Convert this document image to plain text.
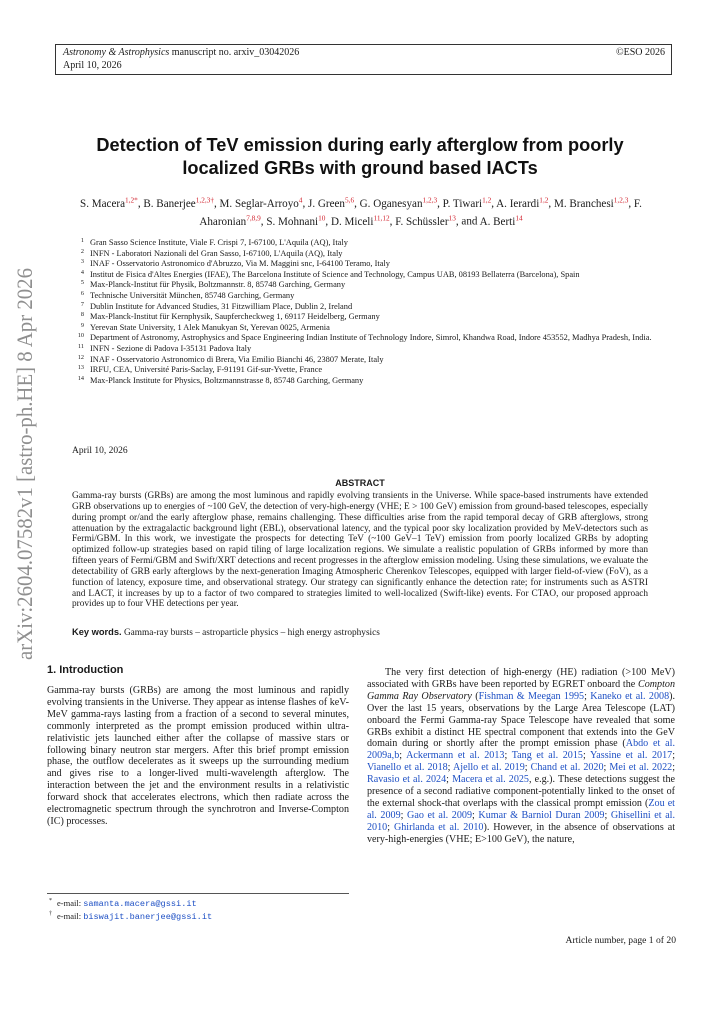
arXiv:2604.07582v1 [astro-ph.HE] 8 Apr 2026
Astronomy & Astrophysics manuscript no. arxiv_03042026
April 10, 2026
©ESO 2026
Detection of TeV emission during early afterglow from poorly localized GRBs with ground based IACTs
S. Macera$^{1,2*}$, B. Banerjee$^{1,2,3\dagger}$, M. Seglar-Arroyo$^4$, J. Green$^{5,6}$, G. Oganesyan$^{1,2,3}$, P. Tiwari$^{1,2}$, A. Ierardi$^{1,2}$, M. Branchesi$^{1,2,3}$, F. Aharonian$^{7,8,9}$, S. Mohnani$^{10}$, D. Miceli$^{11,12}$, F. Schüssler$^{13}$, and A. Berti$^{14}$
1 Gran Sasso Science Institute, Viale F. Crispi 7, I-67100, L'Aquila (AQ), Italy
2 INFN - Laboratori Nazionali del Gran Sasso, I-67100, L'Aquila (AQ), Italy
3 INAF - Osservatorio Astronomico d'Abruzzo, Via M. Maggini snc, I-64100 Teramo, Italy
4 Institut de Fisica d'Altes Energies (IFAE), The Barcelona Institute of Science and Technology, Campus UAB, 08193 Bellaterra (Barcelona), Spain
5 Max-Planck-Institut für Physik, Boltzmannstr. 8, 85748 Garching, Germany
6 Technische Universität München, 85748 Garching, Germany
7 Dublin Institute for Advanced Studies, 31 Fitzwilliam Place, Dublin 2, Ireland
8 Max-Planck-Institut für Kernphysik, Saupfercheckweg 1, 69117 Heidelberg, Germany
9 Yerevan State University, 1 Alek Manukyan St, Yerevan 0025, Armenia
10 Department of Astronomy, Astrophysics and Space Engineering Indian Institute of Technology Indore, Simrol, Khandwa Road, Indore 453552, Madhya Pradesh, India.
11 INFN - Sezione di Padova I-35131 Padova Italy
12 INAF - Osservatorio Astronomico di Brera, Via Emilio Bianchi 46, 23807 Merate, Italy
13 IRFU, CEA, Université Paris-Saclay, F-91191 Gif-sur-Yvette, France
14 Max-Planck Institute for Physics, Boltzmannstrasse 8, 85748 Garching, Germany
April 10, 2026
ABSTRACT

Gamma-ray bursts (GRBs) are among the most luminous and rapidly evolving transients in the Universe. While space-based instruments have extended GRB observations up to energies of ~100 GeV, the detection of very-high-energy (VHE; E > 100 GeV) emission from ground-based telescopes, especially during prompt or/and the early afterglow phase, remains challenging. These difficulties arise from the rapid temporal decay of GRB afterglows, strong attenuation by the extragalactic background light (EBL), observational latency, and the typical poor sky localization provided by MeV-detectors such as Fermi/GBM. In this work, we investigate the prospects for detecting TeV (~100 GeV–1 TeV) emission from poorly localized GRBs by adopting optimized follow-up strategies based on rapid tiling of large localization regions. We simulate a realistic population of GRBs informed by more than fifteen years of Fermi/GBM and Swift/XRT detections and recent progresses in the afterglow emission modeling. Using these simulations, we evaluate the detectability of GRB early afterglows by the next-generation Imaging Atmospheric Cherenkov Telescopes, equipped with larger field-of-view (FoV), as a function of latency, exposure time, and observational strategy. Our strategy can significantly enhance the detection rate; for instruments such as ASTRI and LACT, it increases by up to a factor of two compared to strategies limited to well-localized (Swift-like) events. For CTAO, our proposed approach provides up to four VHE detections per year.

Key words. Gamma-ray bursts – astroparticle physics – high energy astrophysics
1. Introduction

Gamma-ray bursts (GRBs) are among the most luminous and rapidly evolving transients in the Universe. They appear as intense flashes of keV-MeV gamma-rays lasting from a fraction of a second to several minutes, commonly interpreted as the prompt emission produced within ultra-relativistic jets launched either after the collapse of massive stars or following binary neutron star mergers. After this brief prompt emission phase, the outflow decelerates as it sweeps up the surrounding medium and gives rise to a longer-lived multi-wavelength afterglow. The interaction between the jet and the environment results in a relativistic forward shock that accelerates electrons, which then radiate across the electromagnetic spectrum through the synchrotron and Inverse-Compton (IC) processes.

The very first detection of high-energy (HE) radiation (>100 MeV) associated with GRBs have been reported by EGRET onboard the Compton Gamma Ray Observatory (Fishman & Meegan 1995; Kaneko et al. 2008). Over the last 15 years, observations by the Large Area Telescope (LAT) onboard the Fermi Gamma-ray Space Telescope have revealed that some GRBs exhibit a distinct HE spectral component that extends into the GeV domain during or shortly after the prompt emission phase (Abdo et al. 2009a,b; Ackermann et al. 2013; Tang et al. 2015; Yassine et al. 2017; Vianello et al. 2018; Ajello et al. 2019; Chand et al. 2020; Mei et al. 2022; Ravasio et al. 2024; Macera et al. 2025, e.g.). These detections suggest the presence of a second radiative component-potentially linked to the onset of the external shock-that overlaps with the classical prompt emission (Zou et al. 2009; Gao et al. 2009; Kumar & Barniol Duran 2009; Ghisellini et al. 2010; Ghirlanda et al. 2010). However, in the absence of observations at very-high-energies (VHE; E>100 GeV), the nature,

* e-mail: samanta.macera@gssi.it
† e-mail: biswajit.banerjee@gssi.it
Article number, page 1 of 20
